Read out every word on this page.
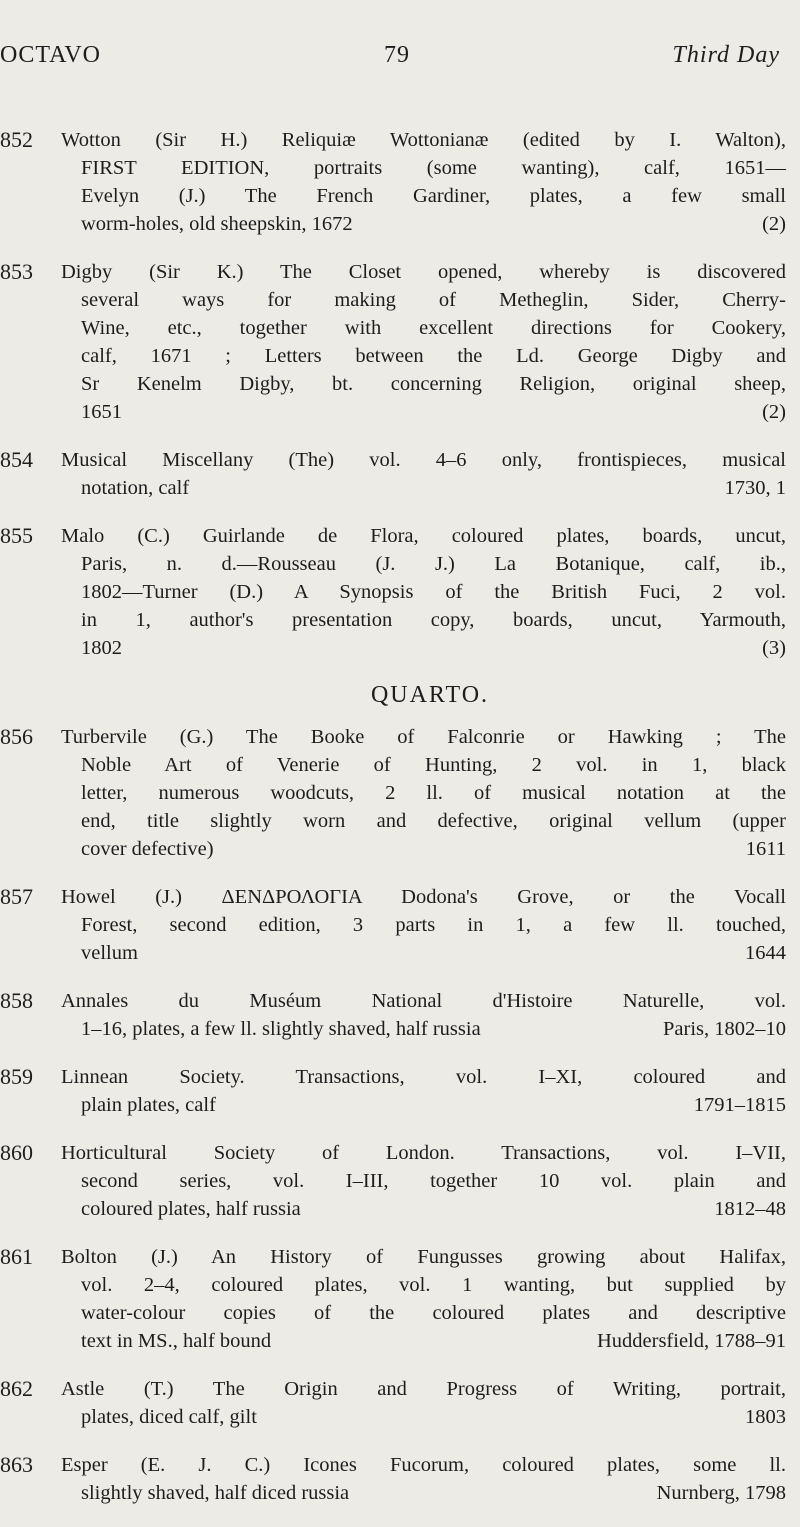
OCTAVO	79	Third Day
852 Wotton (Sir H.) Reliquiæ Wottonianæ (edited by I. Walton),
FIRST EDITION, portraits (some wanting), calf, 1651—
Evelyn (J.) The French Gardiner, plates, a few small
worm-holes, old sheepskin, 1672	(2)
853 Digby (Sir K.) The Closet opened, whereby is discovered
several ways for making of Metheglin, Sider, Cherry-
Wine, etc., together with excellent directions for Cookery,
calf, 1671 ; Letters between the Ld. George Digby and
Sr Kenelm Digby, bt. concerning Religion, original sheep,
1651	(2)
854 Musical Miscellany (The) vol. 4–6 only, frontispieces, musical
notation, calf	1730, 1
855 Malo (C.) Guirlande de Flora, coloured plates, boards, uncut,
Paris, n. d.—Rousseau (J. J.) La Botanique, calf, ib.,
1802—Turner (D.) A Synopsis of the British Fuci, 2 vol.
in 1, author's presentation copy, boards, uncut, Yarmouth,
1802	(3)
QUARTO.
856 Turbervile (G.) The Booke of Falconrie or Hawking ; The
Noble Art of Venerie of Hunting, 2 vol. in 1, black
letter, numerous woodcuts, 2 ll. of musical notation at the
end, title slightly worn and defective, original vellum (upper
cover defective)	1611
857 Howel (J.) ΔΕΝΔΡΟΛΟΓΙΑ Dodona's Grove, or the Vocall
Forest, second edition, 3 parts in 1, a few ll. touched,
vellum	1644
858 Annales du Muséum National d'Histoire Naturelle, vol.
1–16, plates, a few ll. slightly shaved, half russia	Paris, 1802–10
859 Linnean Society. Transactions, vol. I–XI, coloured and
plain plates, calf	1791–1815
860 Horticultural Society of London. Transactions, vol. I–VII,
second series, vol. I–III, together 10 vol. plain and
coloured plates, half russia	1812–48
861 Bolton (J.) An History of Fungusses growing about Halifax,
vol. 2–4, coloured plates, vol. 1 wanting, but supplied by
water-colour copies of the coloured plates and descriptive
text in MS., half bound	Huddersfield, 1788–91
862 Astle (T.) The Origin and Progress of Writing, portrait,
plates, diced calf, gilt	1803
863 Esper (E. J. C.) Icones Fucorum, coloured plates, some ll.
slightly shaved, half diced russia	Nurnberg, 1798
